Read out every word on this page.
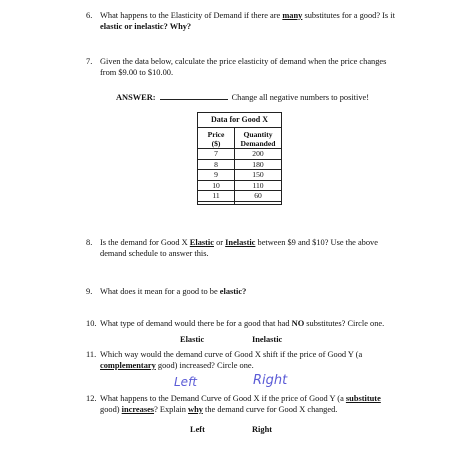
6. What happens to the Elasticity of Demand if there are many substitutes for a good? Is it
elastic or inelastic? Why?
7. Given the data below, calculate the price elasticity of demand when the price changes
from $9.00 to $10.00.
ANSWER:	Change all negative numbers to positive!
Data for Good X
Price
($)	Quantity
Demanded
7	200
8	180
9	150
10	110
11	60

8. Is the demand for Good X Elastic or Inelastic between $9 and $10? Use the above
demand schedule to answer this.
9. What does it mean for a good to be elastic?
10. What type of demand would there be for a good that had NO substitutes? Circle one.
Elastic	Inelastic
11. Which way would the demand curve of Good X shift if the price of Good Y (a
complementary good) increased? Circle one.
Left	Right
12. What happens to the Demand Curve of Good X if the price of Good Y (a substitute
good) increases? Explain why the demand curve for Good X changed.
Left	Right
